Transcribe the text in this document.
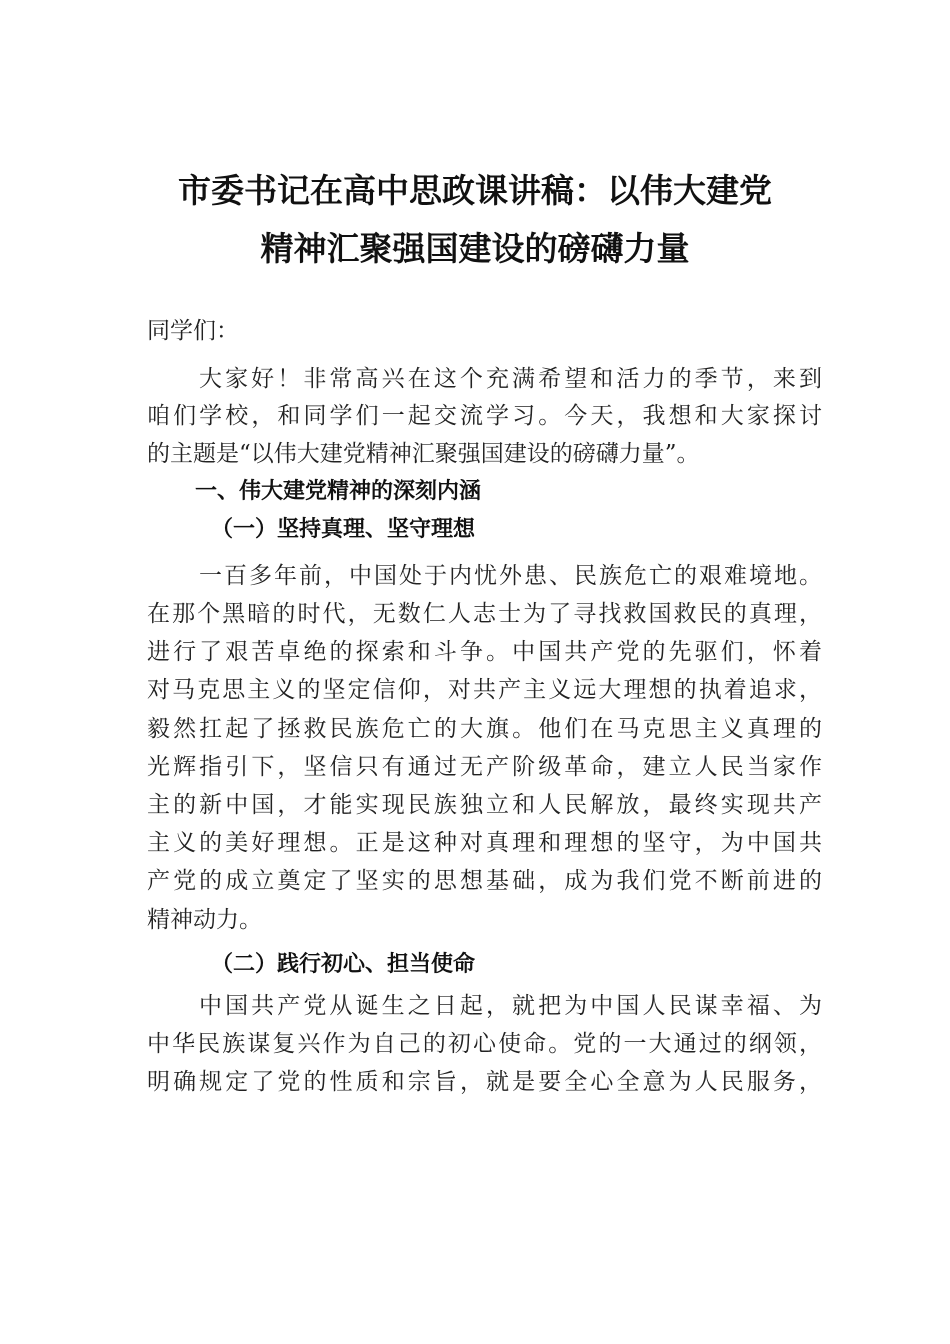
市委书记在高中思政课讲稿：以伟大建党
精神汇聚强国建设的磅礴力量
同学们：
大家好！非常高兴在这个充满希望和活力的季节，来到
咱们学校，和同学们一起交流学习。今天，我想和大家探讨
的主题是“以伟大建党精神汇聚强国建设的磅礴力量”。
一、伟大建党精神的深刻内涵
（一）坚持真理、坚守理想
一百多年前，中国处于内忧外患、民族危亡的艰难境地。
在那个黑暗的时代，无数仁人志士为了寻找救国救民的真理，
进行了艰苦卓绝的探索和斗争。中国共产党的先驱们，怀着
对马克思主义的坚定信仰，对共产主义远大理想的执着追求，
毅然扛起了拯救民族危亡的大旗。他们在马克思主义真理的
光辉指引下，坚信只有通过无产阶级革命，建立人民当家作
主的新中国，才能实现民族独立和人民解放，最终实现共产
主义的美好理想。正是这种对真理和理想的坚守，为中国共
产党的成立奠定了坚实的思想基础，成为我们党不断前进的
精神动力。
（二）践行初心、担当使命
中国共产党从诞生之日起，就把为中国人民谋幸福、为
中华民族谋复兴作为自己的初心使命。党的一大通过的纲领，
明确规定了党的性质和宗旨，就是要全心全意为人民服务，
